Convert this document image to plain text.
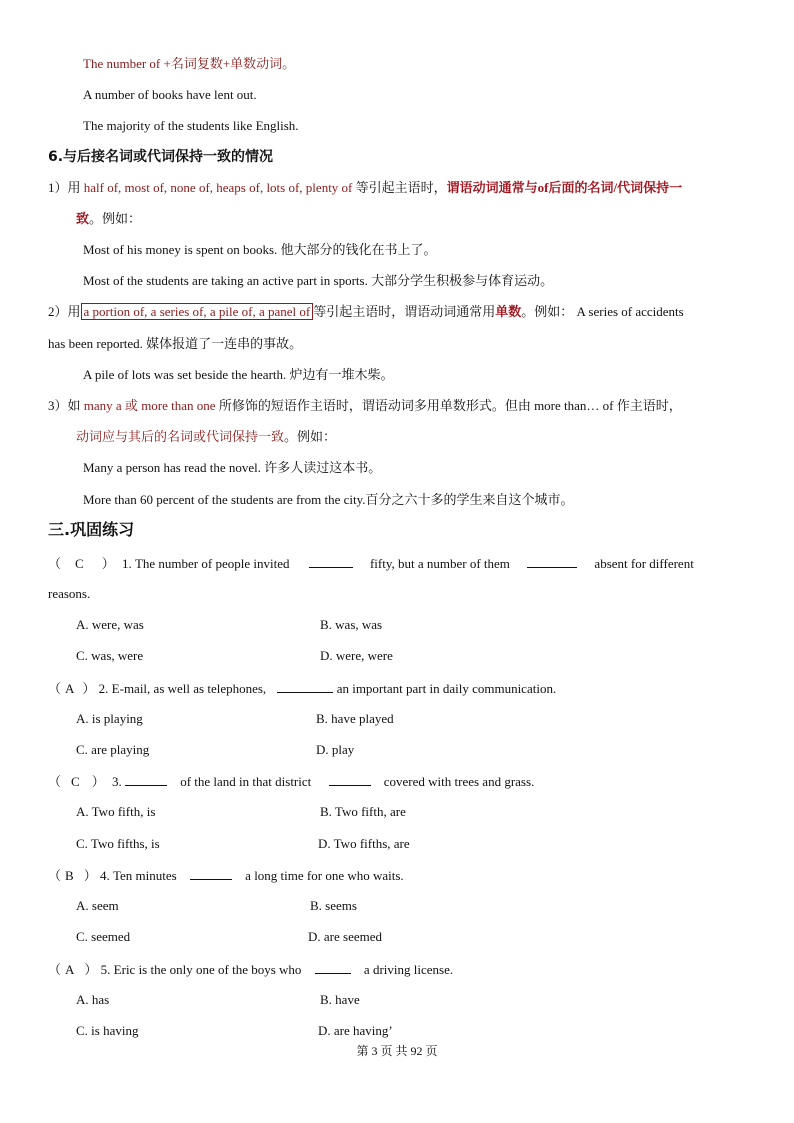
The number of +名词复数+单数动词。
A number of books have lent out.
The majority of the students like English.
6.与后接名词或代词保持一致的情况
1）用 half of, most of, none of, heaps of, lots of, plenty of 等引起主语时，谓语动词通常与of后面的名词/代词保持一
致。例如：
Most of his money is spent on books. 他大部分的钱化在书上了。
Most of the students are taking an active part in sports. 大部分学生积极参与体育运动。
2）用 a portion of, a series of, a pile of, a panel of 等引起主语时，谓语动词通常用单数。例如： A series of accidents
has been reported. 媒体报道了一连串的事故。
A pile of lots was set beside the hearth. 炉边有一堆木柴。
3）如 many a 或 more than one 所修饰的短语作主语时，谓语动词多用单数形式。但由 more than… of 作主语时，
动词应与其后的名词或代词保持一致。例如：
Many a person has read the novel. 许多人读过这本书。
More than 60 percent of the students are from the city.百分之六十多的学生来自这个城市。
三.巩固练习
（ C ） 1. The number of people invited	fifty, but a number of them	absent for different
reasons.
A. were, was	B. was, was
C. was, were	D. were, were
（ A ） 2. E-mail, as well as telephones,	an important part in daily communication.
A. is playing	B. have played
C. are playing	D. play
（ C ） 3.	of the land in that district	covered with trees and grass.
A. Two fifth, is	B. Two fifth, are
C. Two fifths, is	D. Two fifths, are
（ B ） 4. Ten minutes	a long time for one who waits.
A. seem	B. seems
C. seemed	D. are seemed
（ A ） 5. Eric is the only one of the boys who	a driving license.
A. has	B. have
C. is having	D. are having’
第 3 页 共 92 页
